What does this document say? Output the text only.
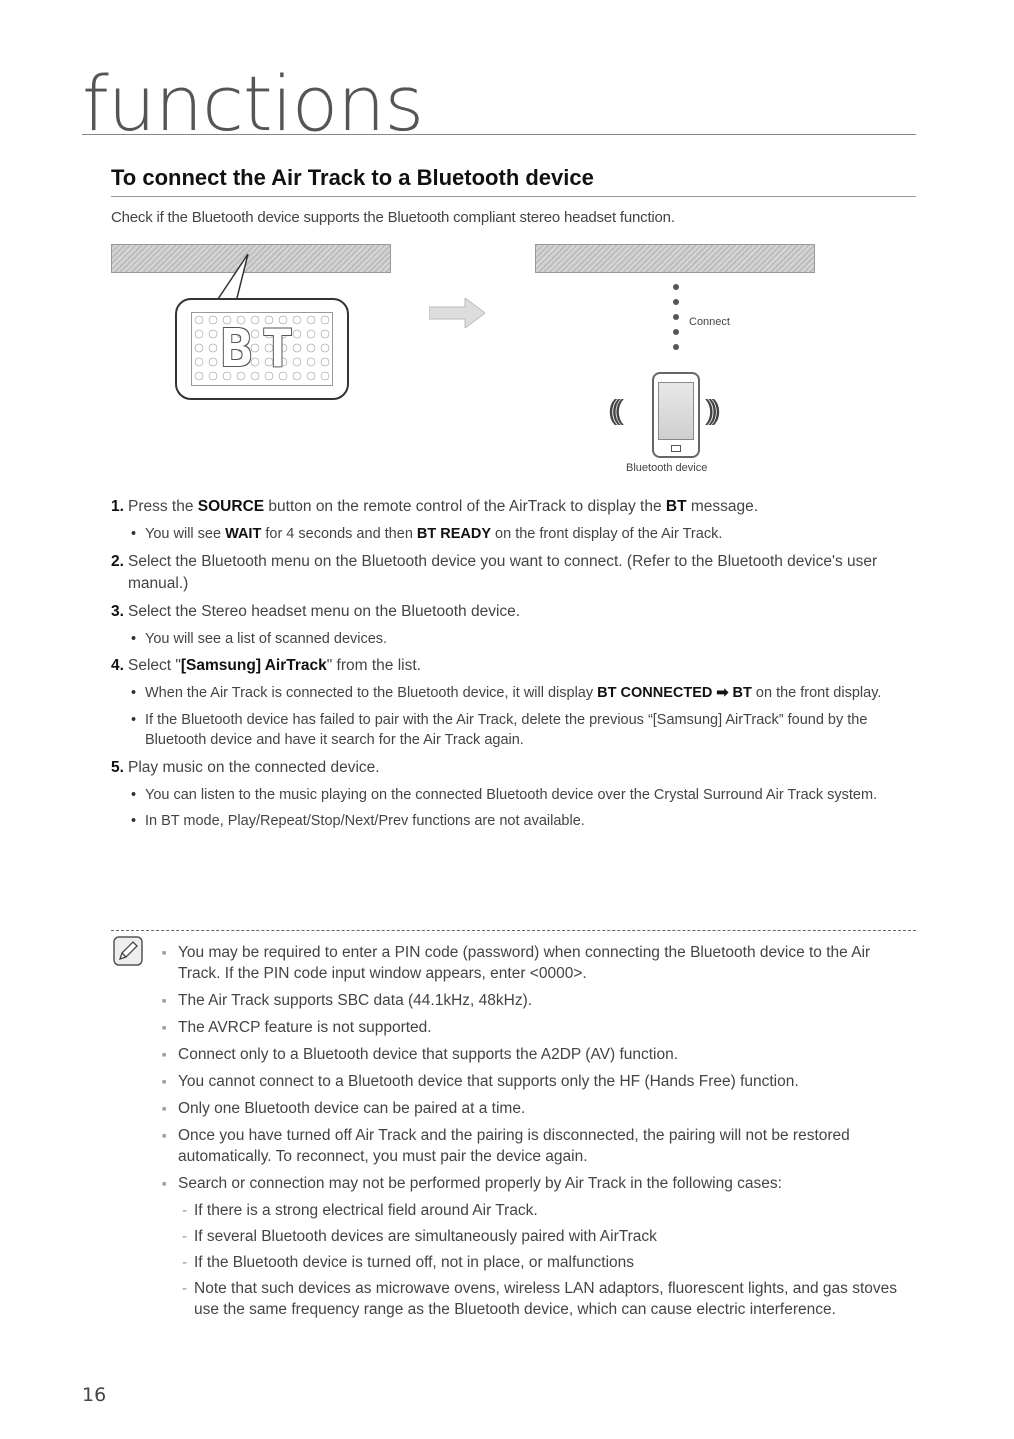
functions
To connect the Air Track to a Bluetooth device
Check if the Bluetooth device supports the Bluetooth compliant stereo headset function.
BT	Connect
(((	)))
Bluetooth device
1. Press the SOURCE button on the remote control of the AirTrack to display the BT message.
• You will see WAIT for 4 seconds and then BT READY on the front display of the Air Track.
2. Select the Bluetooth menu on the Bluetooth device you want to connect. (Refer to the Bluetooth device's user manual.)
3. Select the Stereo headset menu on the Bluetooth device.
• You will see a list of scanned devices.
4. Select "[Samsung] AirTrack" from the list.
• When the Air Track is connected to the Bluetooth device, it will display BT CONNECTED ➡ BT on the front display.
• If the Bluetooth device has failed to pair with the Air Track, delete the previous “[Samsung] AirTrack” found by the Bluetooth device and have it search for the Air Track again.
5. Play music on the connected device.
• You can listen to the music playing on the connected Bluetooth device over the Crystal Surround Air Track system.
• In BT mode, Play/Repeat/Stop/Next/Prev functions are not available.
■ You may be required to enter a PIN code (password) when connecting the Bluetooth device to the Air Track. If the PIN code input window appears, enter <0000>.
■ The Air Track supports SBC data (44.1kHz, 48kHz).
■ The AVRCP feature is not supported.
■ Connect only to a Bluetooth device that supports the A2DP (AV) function.
■ You cannot connect to a Bluetooth device that supports only the HF (Hands Free) function.
■ Only one Bluetooth device can be paired at a time.
■ Once you have turned off Air Track and the pairing is disconnected, the pairing will not be restored automatically. To reconnect, you must pair the device again.
■ Search or connection may not be performed properly by Air Track in the following cases:
- If there is a strong electrical field around Air Track.
- If several Bluetooth devices are simultaneously paired with AirTrack
- If the Bluetooth device is turned off, not in place, or malfunctions
- Note that such devices as microwave ovens, wireless LAN adaptors, fluorescent lights, and gas stoves use the same frequency range as the Bluetooth device, which can cause electric interference.
16
